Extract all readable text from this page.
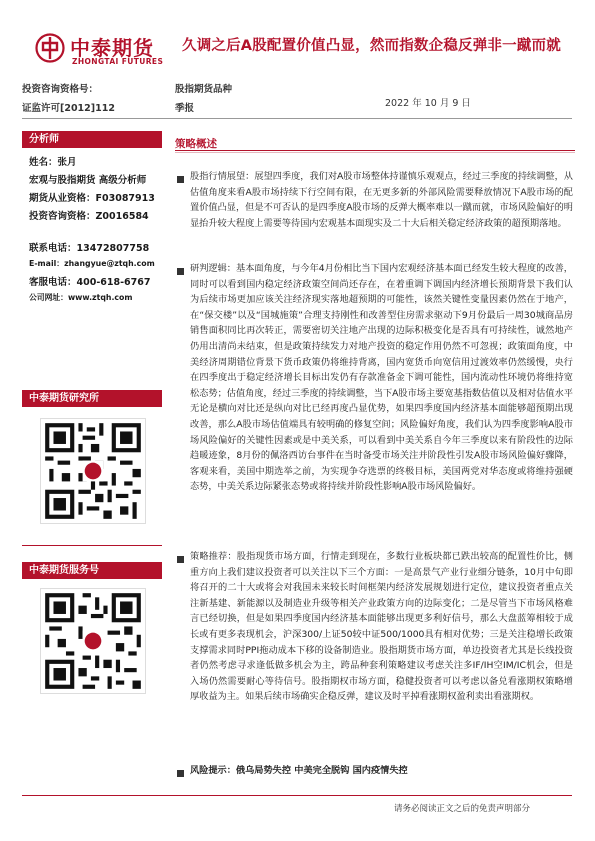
中泰期货
ZHONGTAI FUTURES
久调之后A股配置价值凸显，然而指数企稳反弹非一蹴而就
投资咨询资格号：
证监许可[2012]112
股指期货品种
季报	2022 年 10 月 9 日
分析师
姓名：张月
宏观与股指期货 高级分析师
期货从业资格：F03087913
投资咨询资格：Z0016584
联系电话：13472807758
E-mail：zhangyue@ztqh.com
客服电话：400-618-6767
公司网址：www.ztqh.com
中泰期货研究所
中泰期货服务号
策略概述
股指行情展望：展望四季度，我们对A股市场整体持谨慎乐观观点，经过三季度的持续调整，从估值角度来看A股市场持续下行空间有限，在无更多新的外部风险需要释放情况下A股市场的配置价值凸显，但是不可否认的是四季度A股市场的反弹大概率难以一蹴而就，市场风险偏好的明显抬升较大程度上需要等待国内宏观基本面现实及二十大后相关稳定经济政策的超预期落地。
研判逻辑：基本面角度，与今年4月份相比当下国内宏观经济基本面已经发生较大程度的改善，同时可以看到国内稳定经济政策空间尚还存在，在着重调下调国内经济增长预期背景下我们认为后续市场更加应该关注经济现实落地超预期的可能性，该然关键性变量因素仍然在于地产，在“保交楼”以及“国城施策”合理支持刚性和改善型住房需求驱动下9月份最后一周30城商品房销售面积同比再次转正，需要密切关注地产出现的边际积极变化是否具有可持续性，诚然地产仍用出清尚未结束，但是政策持续发力对地产投资的稳定作用仍然不可忽视；政策面角度，中美经济周期错位背景下货币政策仍将维持背离，国内宽货币向宽信用过渡效率仍然缓慢，央行在四季度出于稳定经济增长目标出发仍有存款准备金下调可能性，国内流动性环境仍将维持宽松态势；估值角度，经过三季度的持续调整，当下A股市场主要宽基指数估值以及相对估值水平无论是横向对比还是纵向对比已经再度凸显优势，如果四季度国内经济基本面能够超预期出现改善，那么A股市场估值端具有较明确的修复空间；风险偏好角度，我们认为四季度影响A股市场风险偏好的关键性因素或是中美关系，可以看到中美关系自今年三季度以来有阶段性的边际趋暖迹象，8月份的佩洛西访台事件在当时备受市场关注并阶段性引发A股市场风险偏好骤降，客观来看，美国中期选举之前，为实现争夺选票的终极目标，美国两党对华态度或将维持强硬态势，中美关系边际紧张态势或将持续并阶段性影响A股市场风险偏好。
策略推荐：股指现货市场方面，行情走到现在，多数行业板块都已跌出较高的配置性价比，侧重方向上我们建议投资者可以关注以下三个方面：一是高景气产业行业细分链条，10月中旬即将召开的二十大或将会对我国未来较长时间框架内经济发展规划进行定位，建议投资者重点关注新基建、新能源以及制造业升级等相关产业政策方向的边际变化；二是尽管当下市场风格难言已经切换，但是如果四季度国内经济基本面能够出现更多利好信号，那么大盘蓝筹相较于成长或有更多表现机会，沪深300/上证50较中证500/1000具有相对优势；三是关注稳增长政策支撑需求同时PPI拖动成本下移的设备制造业。股指期货市场方面，单边投资者尤其是长线投资者仍然考虑寻求逢低做多机会为主，跨品种套利策略建议考虑关注多IF/IH空IM/IC机会，但是入场仍然需要耐心等待信号。股指期权市场方面，稳健投资者可以考虑以备兑看涨期权策略增厚收益为主。如果后续市场确实企稳反弹，建议及时平掉看涨期权盈利卖出看涨期权。
风险提示：俄乌局势失控 中美完全脱钩 国内疫情失控
请务必阅读正文之后的免责声明部分
